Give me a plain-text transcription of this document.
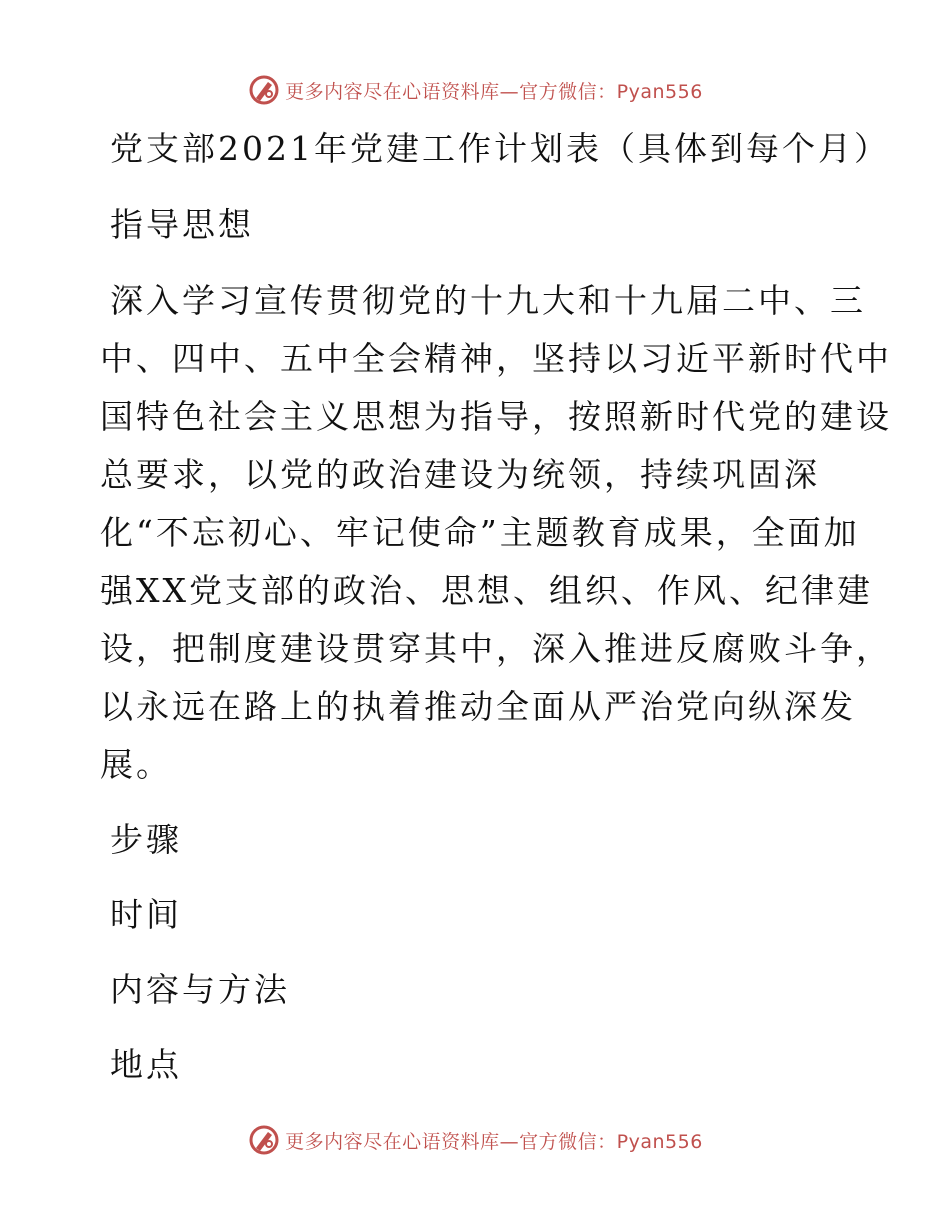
更多内容尽在心语资料库—官方微信：Pyan556
党支部2021年党建工作计划表（具体到每个月）
指导思想
深入学习宣传贯彻党的十九大和十九届二中、三
中、四中、五中全会精神，坚持以习近平新时代中
国特色社会主义思想为指导，按照新时代党的建设
总要求，以党的政治建设为统领，持续巩固深
化“不忘初心、牢记使命”主题教育成果，全面加
强XX党支部的政治、思想、组织、作风、纪律建
设，把制度建设贯穿其中，深入推进反腐败斗争，
以永远在路上的执着推动全面从严治党向纵深发
展。
步骤
时间
内容与方法
地点
更多内容尽在心语资料库—官方微信：Pyan556
